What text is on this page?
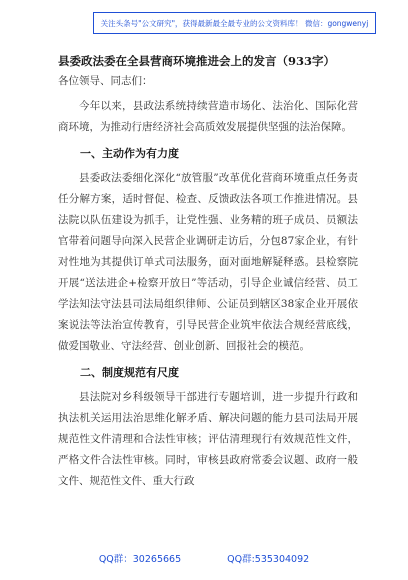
关注头条号"公文研究"，获得最新最全最专业的公文资料库！ 微信：gongwenyj

县委政法委在全县营商环境推进会上的发言（933字）

各位领导、同志们：

今年以来，县政法系统持续营造市场化、法治化、国际化营商环境，为推动行唐经济社会高质效发展提供坚强的法治保障。

一、主动作为有力度

县委政法委细化深化“放管服”改革优化营商环境重点任务责任分解方案，适时督促、检查、反馈政法各项工作推进情况。县法院以队伍建设为抓手，让党性强、业务精的班子成员、员额法官带着问题导向深入民营企业调研走访后，分包87家企业，有针对性地为其提供订单式司法服务，面对面地解疑释惑。县检察院开展“送法进企+检察开放日”等活动，引导企业诚信经营、员工学法知法守法县司法局组织律师、公证员到辖区38家企业开展依案说法等法治宣传教育，引导民营企业筑牢依法合规经营底线，做爱国敬业、守法经营、创业创新、回报社会的模范。

二、制度规范有尺度

县法院对乡科级领导干部进行专题培训，进一步提升行政和执法机关运用法治思维化解矛盾、解决问题的能力县司法局开展规范性文件清理和合法性审核；评估清理现行有效规范性文件，严格文件合法性审核。同时，审核县政府常委会议题、政府一般文件、规范性文件、重大行政

QQ群：30265665	QQ群:535304092
